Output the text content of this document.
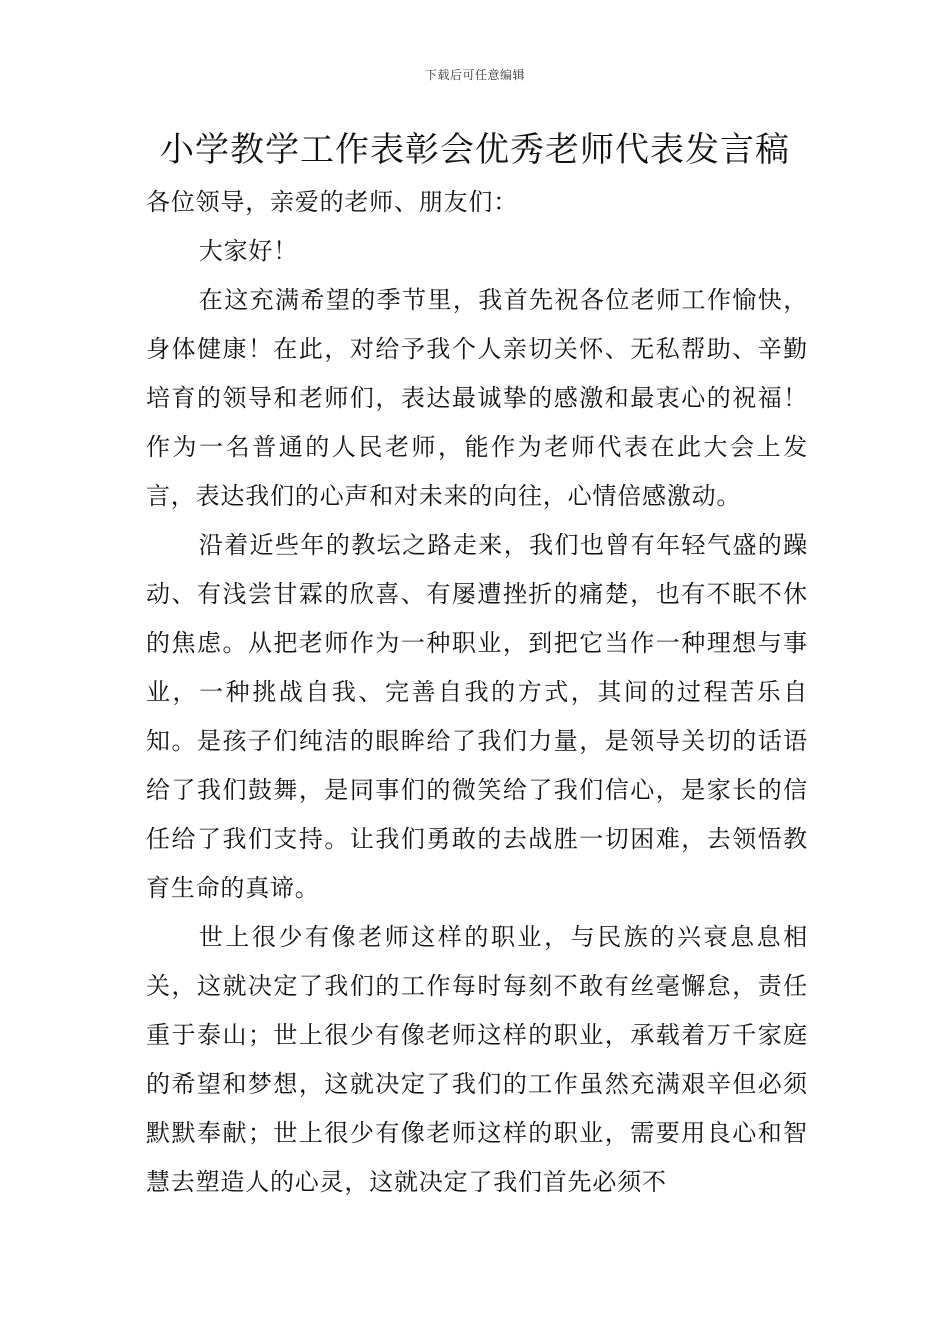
下载后可任意编辑
小学教学工作表彰会优秀老师代表发言稿

各位领导，亲爱的老师、朋友们：

大家好！

在这充满希望的季节里，我首先祝各位老师工作愉快，身体健康！在此，对给予我个人亲切关怀、无私帮助、辛勤培育的领导和老师们，表达最诚挚的感激和最衷心的祝福！作为一名普通的人民老师，能作为老师代表在此大会上发言，表达我们的心声和对未来的向往，心情倍感激动。

沿着近些年的教坛之路走来，我们也曾有年轻气盛的躁动、有浅尝甘霖的欣喜、有屡遭挫折的痛楚，也有不眠不休的焦虑。从把老师作为一种职业，到把它当作一种理想与事业，一种挑战自我、完善自我的方式，其间的过程苦乐自知。是孩子们纯洁的眼眸给了我们力量，是领导关切的话语给了我们鼓舞，是同事们的微笑给了我们信心，是家长的信任给了我们支持。让我们勇敢的去战胜一切困难，去领悟教育生命的真谛。

世上很少有像老师这样的职业，与民族的兴衰息息相关，这就决定了我们的工作每时每刻不敢有丝毫懈怠，责任重于泰山；世上很少有像老师这样的职业，承载着万千家庭的希望和梦想，这就决定了我们的工作虽然充满艰辛但必须默默奉献；世上很少有像老师这样的职业，需要用良心和智慧去塑造人的心灵，这就决定了我们首先必须不
